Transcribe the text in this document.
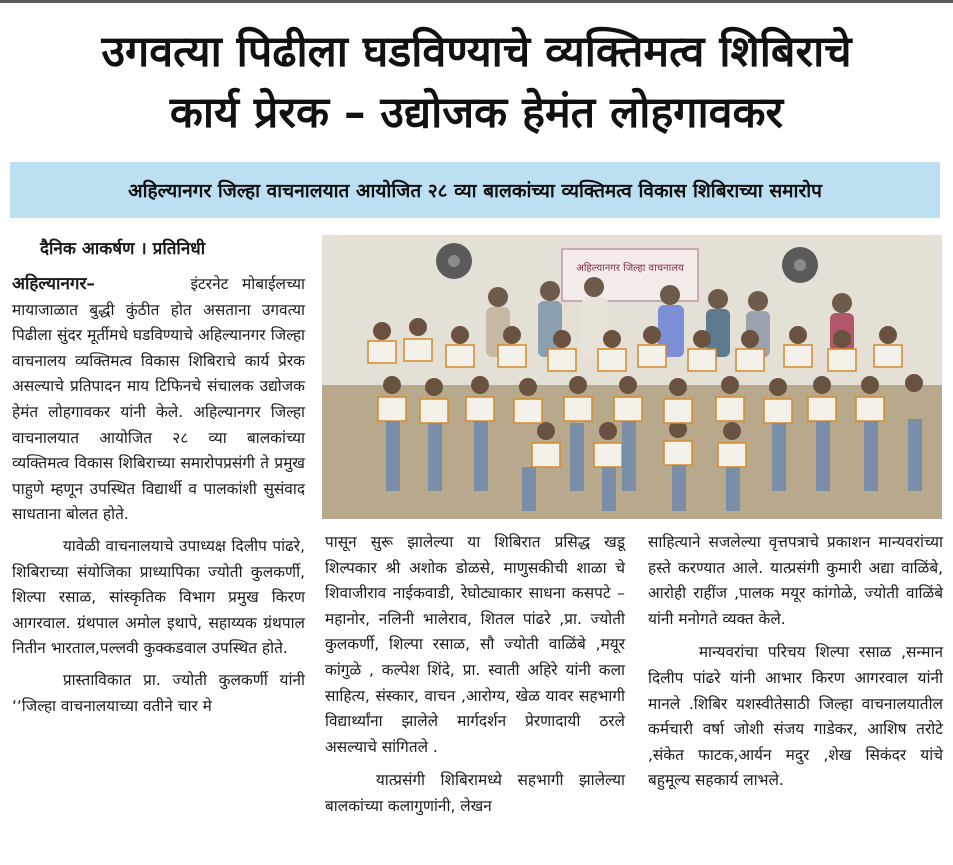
उगवत्या पिढीला घडविण्याचे व्यक्तिमत्व शिबिराचे
कार्य प्रेरक – उद्योजक हेमंत लोहगावकर
अहिल्यानगर जिल्हा वाचनालयात आयोजित २८ व्या बालकांच्या व्यक्तिमत्व विकास शिबिराच्या समारोप
दैनिक आकर्षण । प्रतिनिधी

अहिल्यानगर–	इंटरनेट मोबाईलच्या मायाजाळात बुद्धी कुंठीत होत असताना उगवत्या पिढीला सुंदर मूर्तीमधे घडविण्याचे अहिल्यानगर जिल्हा वाचनालय व्यक्तिमत्व विकास शिबिराचे कार्य प्रेरक असल्याचे प्रतिपादन माय टिफिनचे संचालक उद्योजक हेमंत लोहगावकर यांनी केले. अहिल्यानगर जिल्हा वाचनालयात आयोजित २८ व्या बालकांच्या व्यक्तिमत्व विकास शिबिराच्या समारोपप्रसंगी ते प्रमुख पाहुणे म्हणून उपस्थित विद्यार्थी व पालकांशी सुसंवाद साधताना बोलत होते.

यावेळी वाचनालयाचे उपाध्यक्ष दिलीप पांढरे, शिबिराच्या संयोजिका प्राध्यापिका ज्योती कुलकर्णी, शिल्पा रसाळ, सांस्कृतिक विभाग प्रमुख किरण आगरवाल. ग्रंथपाल अमोल इथापे, सहाय्यक ग्रंथपाल नितीन भारताल,पल्लवी कुक्कडवाल उपस्थित होते.

प्रास्ताविकात प्रा. ज्योती कुलकर्णी यांनी ‘‘जिल्हा वाचनालयाच्या वतीने चार मे

अहिल्यानगर जिल्हा वाचनालय

पासून सुरू झालेल्या या शिबिरात प्रसिद्ध खडू शिल्पकार श्री अशोक डोळसे, माणुसकीची शाळा चे शिवाजीराव नाईकवाडी, रेघोट्याकार साधना कसपटे –महानोर, नलिनी भालेराव, शितल पांढरे ,प्रा. ज्योती कुलकर्णी, शिल्पा रसाळ, सौ ज्योती वाळिंबे ,मयूर कांगुळे , कल्पेश शिंदे, प्रा. स्वाती अहिरे यांनी कला साहित्य, संस्कार, वाचन ,आरोग्य, खेळ यावर सहभागी विद्यार्थ्यांना झालेले मार्गदर्शन प्रेरणादायी ठरले असल्याचे सांगितले .

यात्प्रसंगी शिबिरामध्ये सहभागी झालेल्या बालकांच्या कलागुणांनी, लेखन

साहित्याने सजलेल्या वृत्तपत्राचे प्रकाशन मान्यवरांच्या हस्ते करण्यात आले. यात्प्रसंगी कुमारी अद्या वाळिंबे, आरोही राहींज ,पालक मयूर कांगोळे, ज्योती वाळिंबे यांनी मनोगते व्यक्त केले.

मान्यवरांचा परिचय शिल्पा रसाळ ,सन्मान दिलीप पांढरे यांनी आभार किरण आगरवाल यांनी मानले .शिबिर यशस्वीतेसाठी जिल्हा वाचनालयातील कर्मचारी वर्षा जोशी संजय गाडेकर, आशिष तरोटे ,संकेत फाटक,आर्यन मदुर ,शेख सिकंदर यांचे बहुमूल्य सहकार्य लाभले.
